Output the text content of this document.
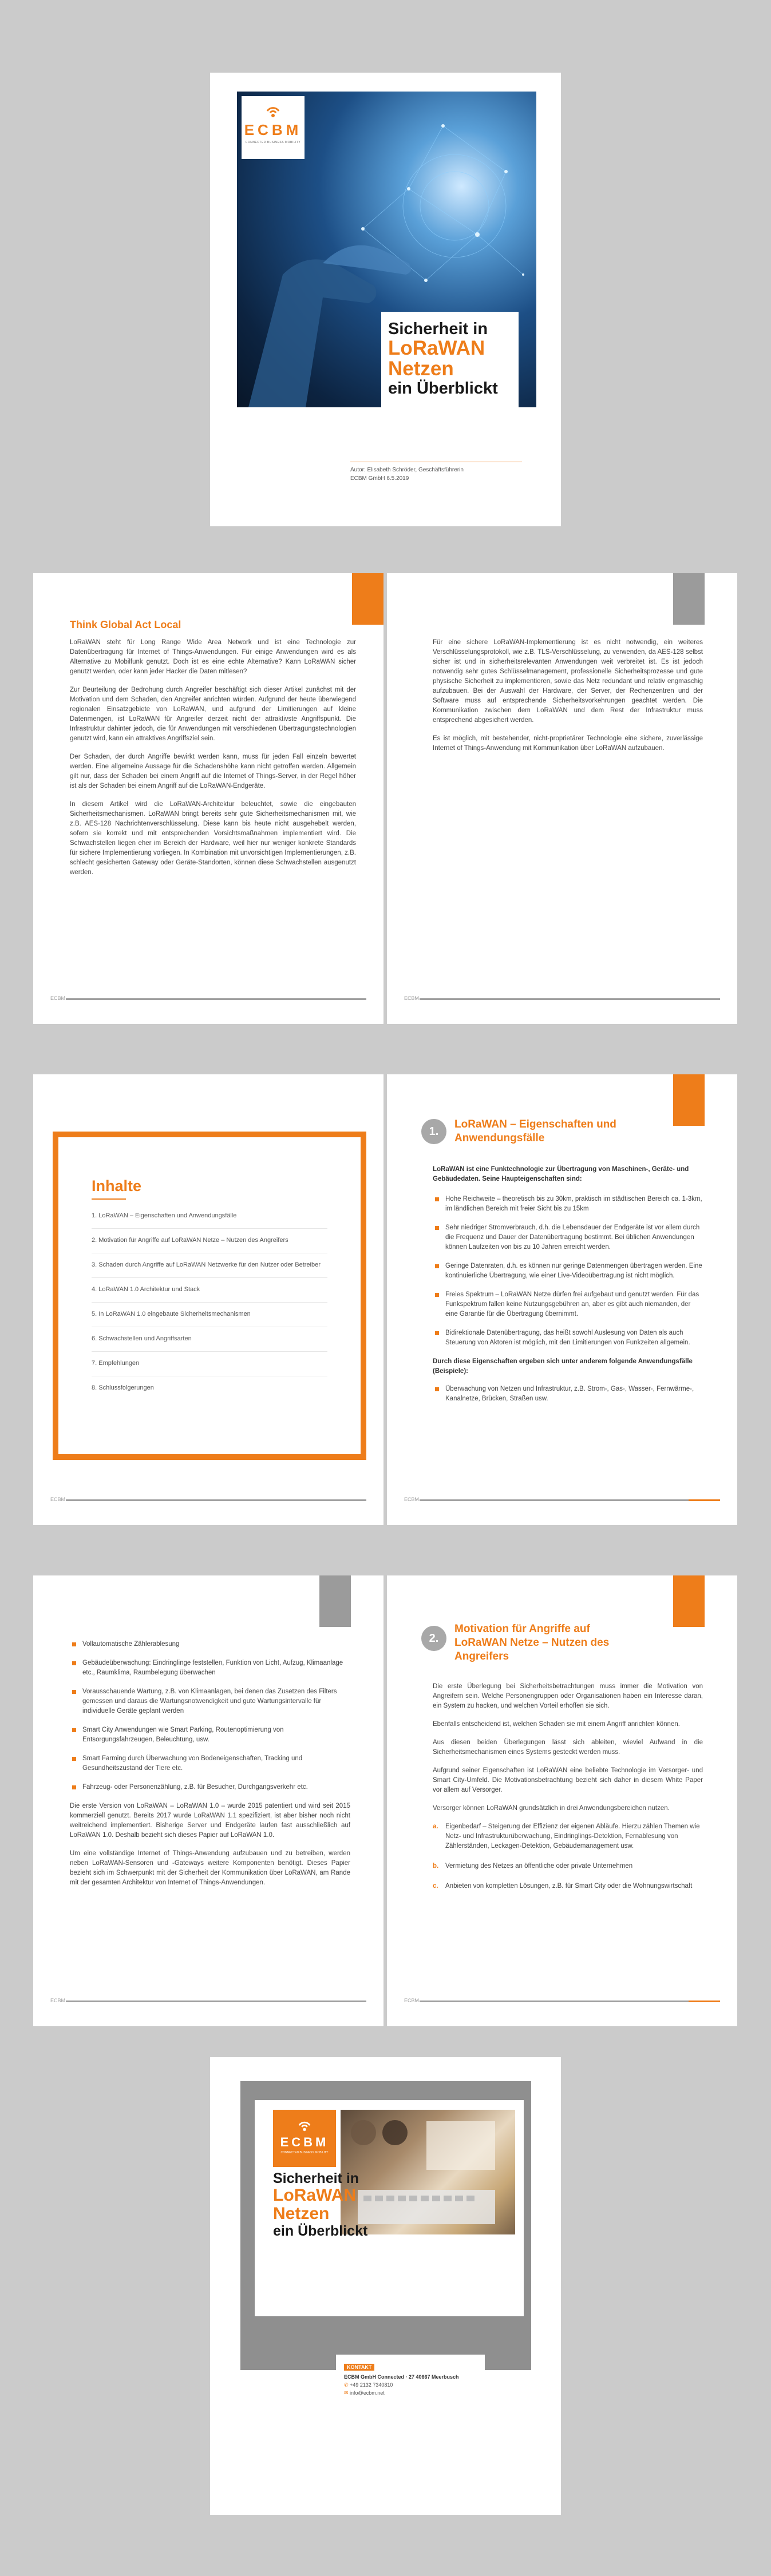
ECBM
CONNECTED BUSINESS MOBILITY
Sicherheit in
LoRaWAN
Netzen
ein Überblickt
Autor: Elisabeth Schröder, Geschäftsführerin
ECBM GmbH 6.5.2019
Think Global Act Local

LoRaWAN steht für Long Range Wide Area Network und ist eine Technologie zur Datenübertragung für Internet of Things-Anwendungen. Für einige Anwendungen wird es als Alternative zu Mobilfunk genutzt. Doch ist es eine echte Alternative? Kann LoRaWAN sicher genutzt werden, oder kann jeder Hacker die Daten mitlesen?

Zur Beurteilung der Bedrohung durch Angreifer beschäftigt sich dieser Artikel zunächst mit der Motivation und dem Schaden, den Angreifer anrichten würden. Aufgrund der heute überwiegend regionalen Einsatzgebiete von LoRaWAN, und aufgrund der Limitierungen auf kleine Datenmengen, ist LoRaWAN für Angreifer derzeit nicht der attraktivste Angriffspunkt. Die Infrastruktur dahinter jedoch, die für Anwendungen mit verschiedenen Übertragungstechnologien genutzt wird, kann ein attraktives Angriffsziel sein.

Der Schaden, der durch Angriffe bewirkt werden kann, muss für jeden Fall einzeln bewertet werden. Eine allgemeine Aussage für die Schadenshöhe kann nicht getroffen werden. Allgemein gilt nur, dass der Schaden bei einem Angriff auf die Internet of Things-Server, in der Regel höher ist als der Schaden bei einem Angriff auf die LoRaWAN-Endgeräte.

In diesem Artikel wird die LoRaWAN-Architektur beleuchtet, sowie die eingebauten Sicherheitsmechanismen. LoRaWAN bringt bereits sehr gute Sicherheitsmechanismen mit, wie z.B. AES-128 Nachrichtenverschlüsselung. Diese kann bis heute nicht ausgehebelt werden, sofern sie korrekt und mit entsprechenden Vorsichtsmaßnahmen implementiert wird. Die Schwachstellen liegen eher im Bereich der Hardware, weil hier nur weniger konkrete Standards für sichere Implementierung vorliegen. In Kombination mit unvorsichtigen Implementierungen, z.B. schlecht gesicherten Gateway oder Geräte-Standorten, können diese Schwachstellen ausgenutzt werden.

ECBM

Für eine sichere LoRaWAN-Implementierung ist es nicht notwendig, ein weiteres Verschlüsselungsprotokoll, wie z.B. TLS-Verschlüsselung, zu verwenden, da AES-128 selbst sicher ist und in sicherheitsrelevanten Anwendungen weit verbreitet ist. Es ist jedoch notwendig sehr gutes Schlüsselmanagement, professionelle Sicherheitsprozesse und gute physische Sicherheit zu implementieren, sowie das Netz redundant und relativ engmaschig aufzubauen. Bei der Auswahl der Hardware, der Server, der Rechenzentren und der Software muss auf entsprechende Sicherheitsvorkehrungen geachtet werden. Die Kommunikation zwischen dem LoRaWAN und dem Rest der Infrastruktur muss entsprechend abgesichert werden.

Es ist möglich, mit bestehender, nicht-proprietärer Technologie eine sichere, zuverlässige Internet of Things-Anwendung mit Kommunikation über LoRaWAN aufzubauen.

ECBM
Inhalte
1. LoRaWAN – Eigenschaften und Anwendungsfälle
2. Motivation für Angriffe auf LoRaWAN Netze – Nutzen des Angreifers
3. Schaden durch Angriffe auf LoRaWAN Netzwerke für den Nutzer oder Betreiber
4. LoRaWAN 1.0 Architektur und Stack
5. In LoRaWAN 1.0 eingebaute Sicherheitsmechanismen
6. Schwachstellen und Angriffsarten
7. Empfehlungen
8. Schlussfolgerungen
ECBM
1.
LoRaWAN – Eigenschaften und
Anwendungsfälle
LoRaWAN ist eine Funktechnologie zur Übertragung von Maschinen-, Geräte- und Gebäudedaten. Seine Haupteigenschaften sind:
Hohe Reichweite – theoretisch bis zu 30km, praktisch im städtischen Bereich ca. 1-3km, im ländlichen Bereich mit freier Sicht bis zu 15km
Sehr niedriger Stromverbrauch, d.h. die Lebensdauer der Endgeräte ist vor allem durch die Frequenz und Dauer der Datenübertragung bestimmt. Bei üblichen Anwendungen können Laufzeiten von bis zu 10 Jahren erreicht werden.
Geringe Datenraten, d.h. es können nur geringe Datenmengen übertragen werden. Eine kontinuierliche Übertragung, wie einer Live-Videoübertragung ist nicht möglich.
Freies Spektrum – LoRaWAN Netze dürfen frei aufgebaut und genutzt werden. Für das Funkspektrum fallen keine Nutzungsgebühren an, aber es gibt auch niemanden, der eine Garantie für die Übertragung übernimmt.
Bidirektionale Datenübertragung, das heißt sowohl Auslesung von Daten als auch Steuerung von Aktoren ist möglich, mit den Limitierungen von Funkzeiten allgemein.
Durch diese Eigenschaften ergeben sich unter anderem folgende Anwendungsfälle (Beispiele):
Überwachung von Netzen und Infrastruktur, z.B. Strom-, Gas-, Wasser-, Fernwärme-, Kanalnetze, Brücken, Straßen usw.
ECBM
Vollautomatische Zählerablesung
Gebäudeüberwachung: Eindringlinge feststellen, Funktion von Licht, Aufzug, Klimaanlage etc., Raumklima, Raumbelegung überwachen
Vorausschauende Wartung, z.B. von Klimaanlagen, bei denen das Zusetzen des Filters gemessen und daraus die Wartungsnotwendigkeit und gute Wartungsintervalle für individuelle Geräte geplant werden
Smart City Anwendungen wie Smart Parking, Routenoptimierung von Entsorgungsfahrzeugen, Beleuchtung, usw.
Smart Farming durch Überwachung von Bodeneigenschaften, Tracking und Gesundheitszustand der Tiere etc.
Fahrzeug- oder Personenzählung, z.B. für Besucher, Durchgangsverkehr etc.

Die erste Version von LoRaWAN – LoRaWAN 1.0 – wurde 2015 patentiert und wird seit 2015 kommerziell genutzt. Bereits 2017 wurde LoRaWAN 1.1 spezifiziert, ist aber bisher noch nicht weitreichend implementiert. Bisherige Server und Endgeräte laufen fast ausschließlich auf LoRaWAN 1.0. Deshalb bezieht sich dieses Papier auf LoRaWAN 1.0.

Um eine vollständige Internet of Things-Anwendung aufzubauen und zu betreiben, werden neben LoRaWAN-Sensoren und -Gateways weitere Komponenten benötigt. Dieses Papier bezieht sich im Schwerpunkt mit der Sicherheit der Kommunikation über LoRaWAN, am Rande mit der gesamten Architektur von Internet of Things-Anwendungen.

ECBM
2.
Motivation für Angriffe auf
LoRaWAN Netze – Nutzen des
Angreifers

Die erste Überlegung bei Sicherheitsbetrachtungen muss immer die Motivation von Angreifern sein. Welche Personengruppen oder Organisationen haben ein Interesse daran, ein System zu hacken, und welchen Vorteil erhoffen sie sich.

Ebenfalls entscheidend ist, welchen Schaden sie mit einem Angriff anrichten können.

Aus diesen beiden Überlegungen lässt sich ableiten, wieviel Aufwand in die Sicherheitsmechanismen eines Systems gesteckt werden muss.

Aufgrund seiner Eigenschaften ist LoRaWAN eine beliebte Technologie im Versorger- und Smart City-Umfeld. Die Motivationsbetrachtung bezieht sich daher in diesem White Paper vor allem auf Versorger.

Versorger können LoRaWAN grundsätzlich in drei Anwendungsbereichen nutzen.

a. Eigenbedarf – Steigerung der Effizienz der eigenen Abläufe. Hierzu zählen Themen wie Netz- und Infrastrukturüberwachung, Eindringlings-Detektion, Fernablesung von Zählerständen, Leckagen-Detektion, Gebäudemanagement usw.
b. Vermietung des Netzes an öffentliche oder private Unternehmen
c. Anbieten von kompletten Lösungen, z.B. für Smart City oder die Wohnungswirtschaft
ECBM
ECBM
CONNECTED BUSINESS MOBILITY
Sicherheit in
LoRaWAN
Netzen
ein Überblickt
KONTAKT
ECBM GmbH Connected · 27 40667 Meerbusch
✆ +49 2132 7340810
✉ info@ecbm.net
